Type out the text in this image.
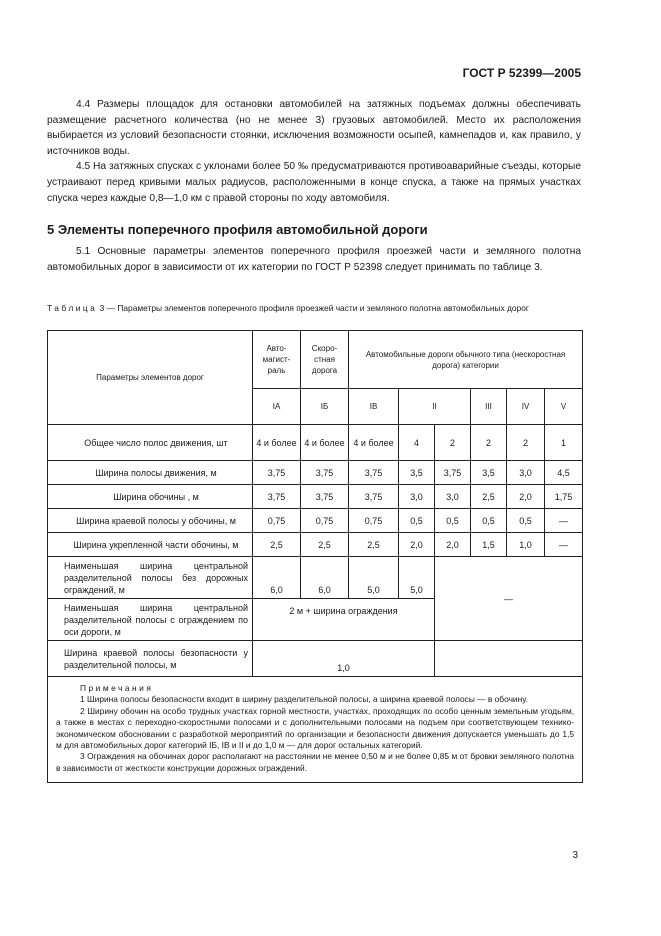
ГОСТ Р 52399—2005

4.4 Размеры площадок для остановки автомобилей на затяжных подъемах должны обеспечивать размещение расчетного количества (но не менее 3) грузовых автомобилей. Место их расположения выбирается из условий безопасности стоянки, исключения возможности осыпей, камнепадов и, как правило, у источников воды.

4.5 На затяжных спусках с уклонами более 50 ‰ предусматриваются противоаварийные съезды, которые устраивают перед кривыми малых радиусов, расположенными в конце спуска, а также на прямых участках спуска через каждые 0,8—1,0 км с правой стороны по ходу автомобиля.

5 Элементы поперечного профиля автомобильной дороги

5.1 Основные параметры элементов поперечного профиля проезжей части и земляного полотна автомобильных дорог в зависимости от их категории по ГОСТ Р 52398 следует принимать по таблице 3.

Таблица 3 — Параметры элементов поперечного профиля проезжей части и земляного полотна автомобильных дорог
Параметры элементов дорог	Авто-магист-раль	Скоро-стная дорога	Автомобильные дороги обычного типа (нескоростная дорога) категории					
	IА	IБ	IВ	II		III	IV	V
Общее число полос движения, шт	4 и более	4 и более	4 и более	4	2	2	2	1
Ширина полосы движения, м	3,75	3,75	3,75	3,5	3,75	3,5	3,0	4,5
Ширина обочины , м	3,75	3,75	3,75	3,0	3,0	2,5	2,0	1,75
Ширина краевой полосы у обочины, м	0,75	0,75	0,75	0,5	0,5	0,5	0,5	—
Ширина укрепленной части обочины, м	2,5	2,5	2,5	2,0	2,0	1,5	1,0	—
Наименьшая ширина центральной разделительной полосы без дорожных ограждений, м	6,0	6,0	5,0	5,0	—			
Наименьшая ширина центральной разделительной полосы с ограждением по оси дороги, м	2 м + ширина ограждения							
Ширина краевой полосы безопасности у разделительной полосы, м	1,0							

Примечания

1 Ширина полосы безопасности входит в ширину разделительной полосы, а ширина краевой полосы — в обочину.

2 Ширину обочин на особо трудных участках горной местности, участках, проходящих по особо ценным земельным угодьям, а также в местах с переходно-скоростными полосами и с дополнительными полосами на подъем при соответствующем технико-экономическом обосновании с разработкой мероприятий по организации и безопасности движения допускается уменьшать до 1,5 м для автомобильных дорог категорий IБ, IВ и II и до 1,0 м — для дорог остальных категорий.

3 Ограждения на обочинах дорог располагают на расстоянии не менее 0,50 м и не более 0,85 м от бровки земляного полотна в зависимости от жесткости конструкции дорожных ограждений.								

3
